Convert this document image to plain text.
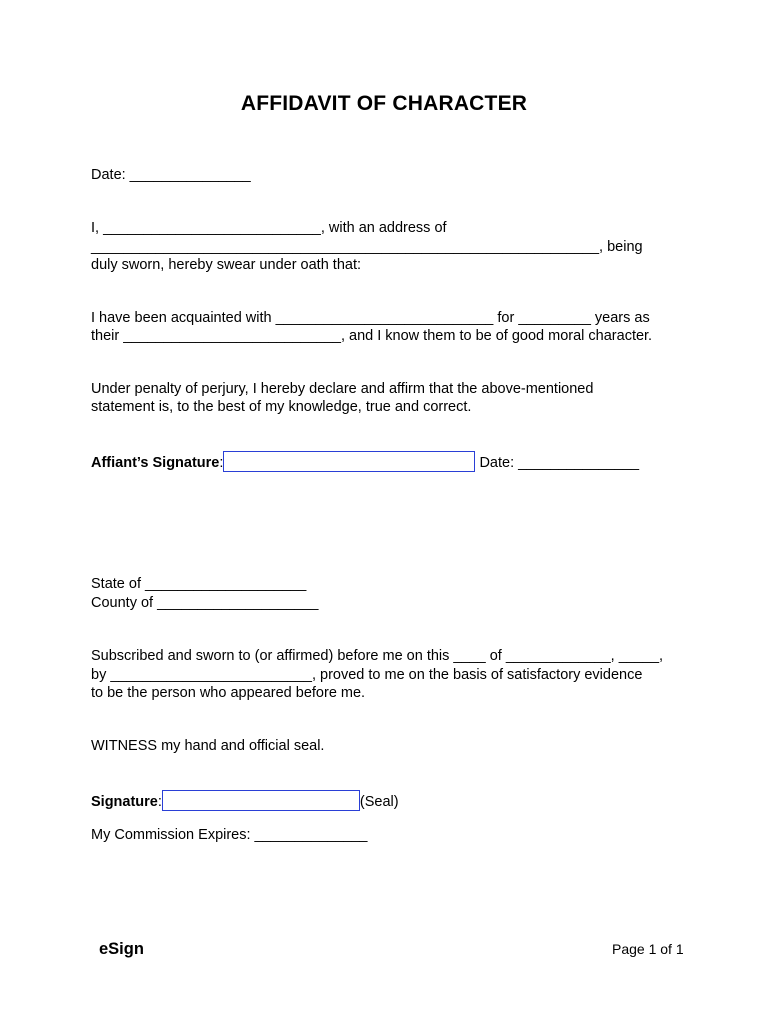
AFFIDAVIT OF CHARACTER
Date: _______________
I, ___________________________, with an address of
_______________________________________________________________, being
duly sworn, hereby swear under oath that:
I have been acquainted with ___________________________ for _________ years as
their ___________________________, and I know them to be of good moral character.
Under penalty of perjury, I hereby declare and affirm that the above-mentioned
statement is, to the best of my knowledge, true and correct.
Affiant’s Signature:	Date: _______________
State of ____________________
County of ____________________
Subscribed and sworn to (or affirmed) before me on this ____ of _____________, _____,
by _________________________, proved to me on the basis of satisfactory evidence
to be the person who appeared before me.
WITNESS my hand and official seal.
Signature:	(Seal)
My Commission Expires: ______________
eSign	Page 1 of 1
